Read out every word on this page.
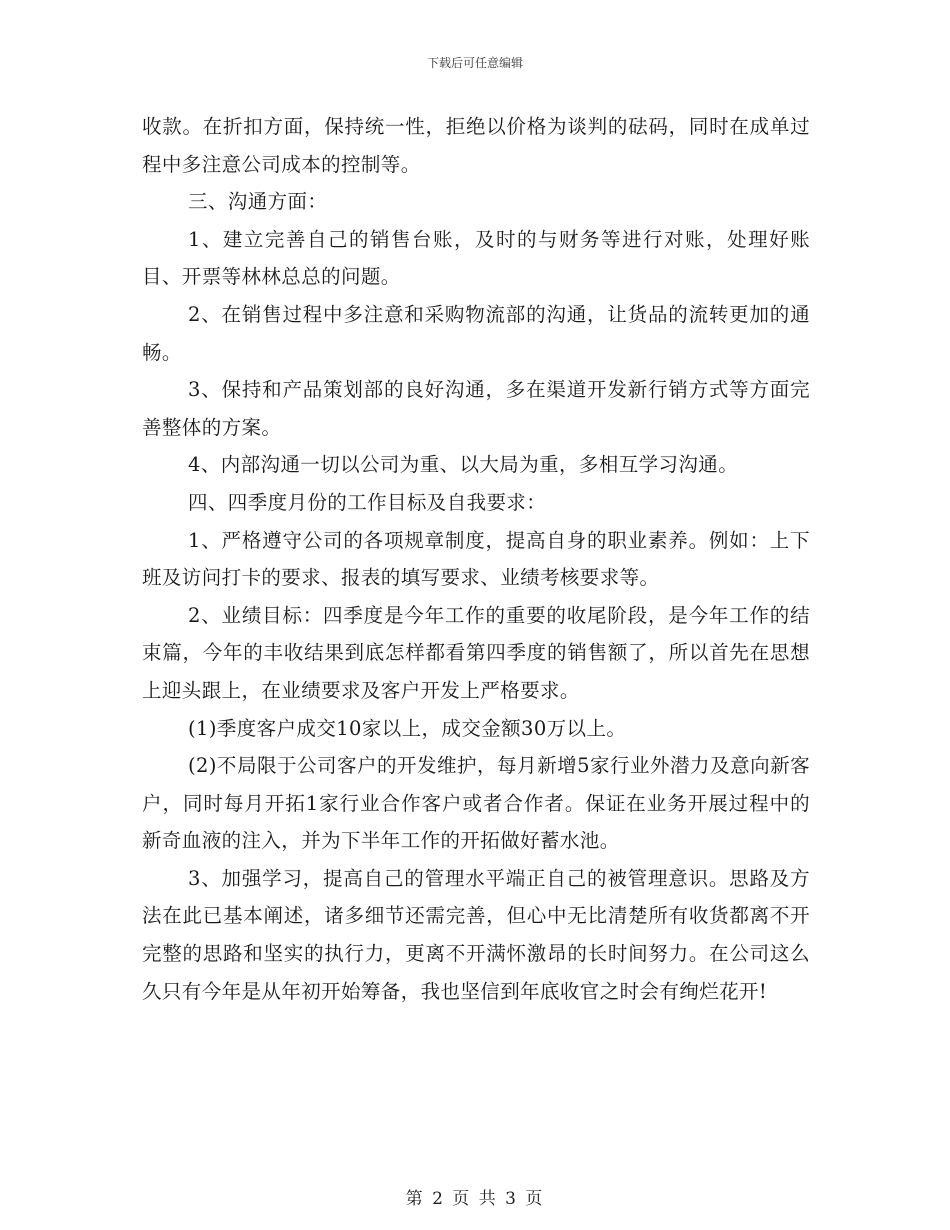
下载后可任意编辑

收款。在折扣方面，保持统一性，拒绝以价格为谈判的砝码，同时在成单过程中多注意公司成本的控制等。

三、沟通方面：

1、建立完善自己的销售台账，及时的与财务等进行对账，处理好账目、开票等林林总总的问题。

2、在销售过程中多注意和采购物流部的沟通，让货品的流转更加的通畅。

3、保持和产品策划部的良好沟通，多在渠道开发新行销方式等方面完善整体的方案。

4、内部沟通一切以公司为重、以大局为重，多相互学习沟通。

四、四季度月份的工作目标及自我要求：

1、严格遵守公司的各项规章制度，提高自身的职业素养。例如：上下班及访问打卡的要求、报表的填写要求、业绩考核要求等。

2、业绩目标：四季度是今年工作的重要的收尾阶段，是今年工作的结束篇，今年的丰收结果到底怎样都看第四季度的销售额了，所以首先在思想上迎头跟上，在业绩要求及客户开发上严格要求。

(1)季度客户成交10家以上，成交金额30万以上。

(2)不局限于公司客户的开发维护，每月新增5家行业外潜力及意向新客户，同时每月开拓1家行业合作客户或者合作者。保证在业务开展过程中的新奇血液的注入，并为下半年工作的开拓做好蓄水池。

3、加强学习，提高自己的管理水平端正自己的被管理意识。思路及方法在此已基本阐述，诸多细节还需完善，但心中无比清楚所有收货都离不开完整的思路和坚实的执行力，更离不开满怀激昂的长时间努力。在公司这么久只有今年是从年初开始筹备，我也坚信到年底收官之时会有绚烂花开!

第 2 页 共 3 页
